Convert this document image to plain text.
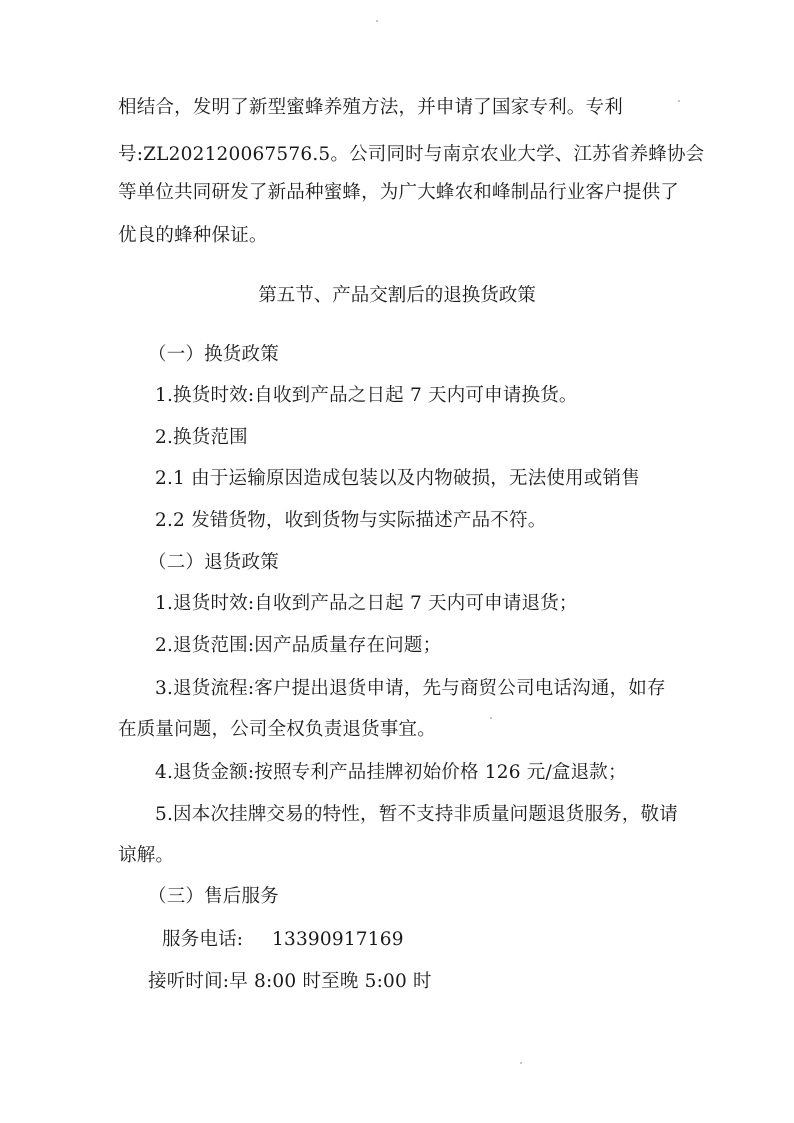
相结合，发明了新型蜜蜂养殖方法，并申请了国家专利。专利
号:ZL202120067576.5。公司同时与南京农业大学、江苏省养蜂协会
等单位共同研发了新品种蜜蜂，为广大蜂农和峰制品行业客户提供了
优良的蜂种保证。
第五节、产品交割后的退换货政策
（一）换货政策
1.换货时效:自收到产品之日起 7 天内可申请换货。
2.换货范围
2.1 由于运输原因造成包装以及内物破损，无法使用或销售
2.2 发错货物，收到货物与实际描述产品不符。
（二）退货政策
1.退货时效:自收到产品之日起 7 天内可申请退货；
2.退货范围:因产品质量存在问题；
3.退货流程:客户提出退货申请，先与商贸公司电话沟通，如存
在质量问题，公司全权负责退货事宜。
4.退货金额:按照专利产品挂牌初始价格 126 元/盒退款；
5.因本次挂牌交易的特性，暂不支持非质量问题退货服务，敬请
谅解。
（三）售后服务
服务电话: 13390917169
接听时间:早 8:00 时至晚 5:00 时
